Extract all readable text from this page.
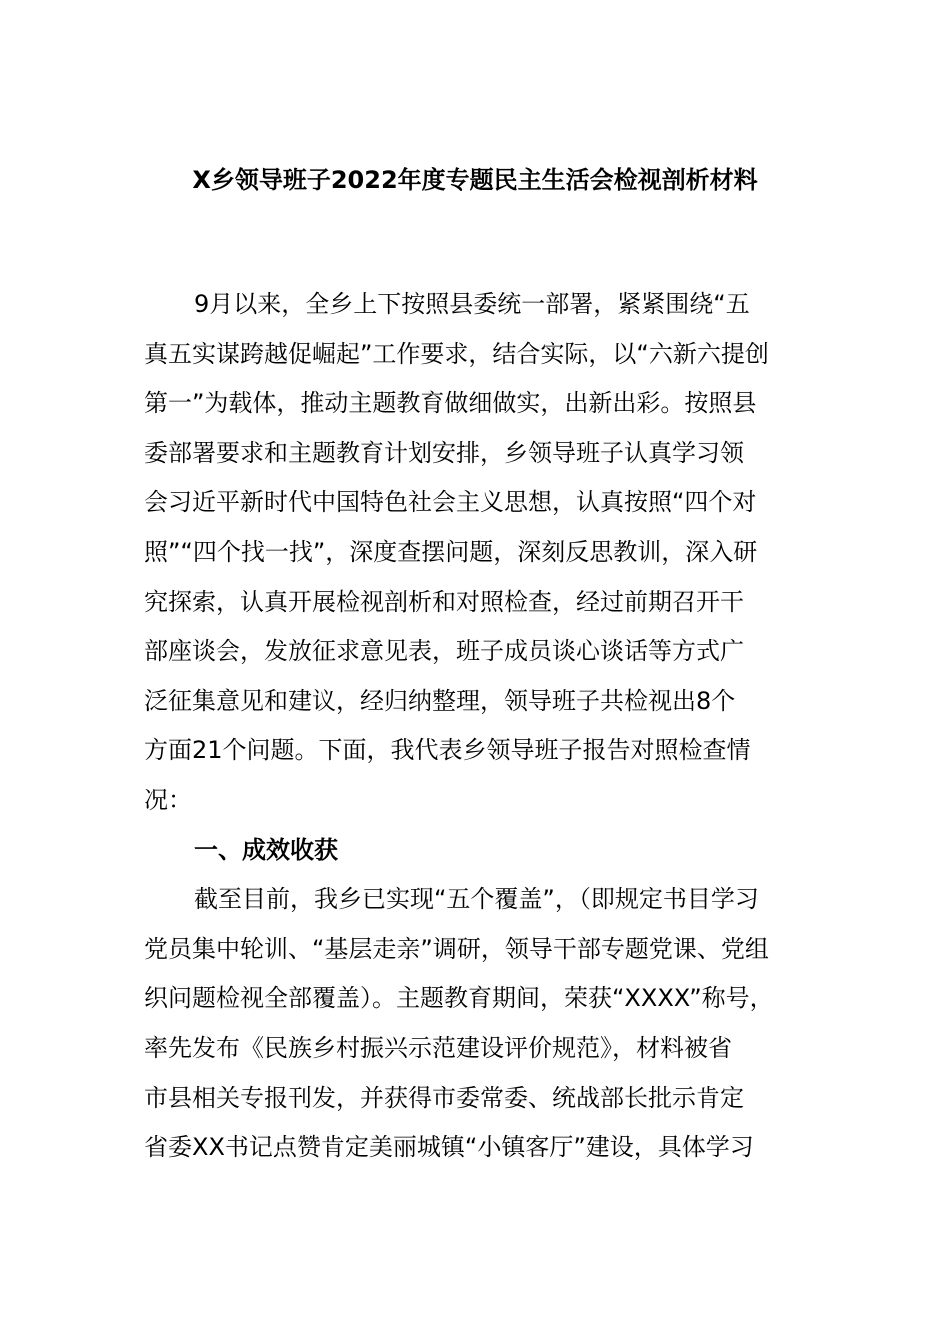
X乡领导班子2022年度专题民主生活会检视剖析材料

9月以来，全乡上下按照县委统一部署，紧紧围绕“五

真五实谋跨越促崛起”工作要求，结合实际，以“六新六提创

第一”为载体，推动主题教育做细做实，出新出彩。按照县

委部署要求和主题教育计划安排，乡领导班子认真学习领

会习近平新时代中国特色社会主义思想，认真按照“四个对

照”“四个找一找”，深度查摆问题，深刻反思教训，深入研

究探索，认真开展检视剖析和对照检查，经过前期召开干

部座谈会，发放征求意见表，班子成员谈心谈话等方式广

泛征集意见和建议，经归纳整理，领导班子共检视出8个

方面21个问题。下面，我代表乡领导班子报告对照检查情

况：

一、成效收获

截至目前，我乡已实现“五个覆盖”，（即规定书目学习

党员集中轮训、“基层走亲”调研，领导干部专题党课、党组

织问题检视全部覆盖）。主题教育期间，荣获“XXXX”称号，

率先发布《民族乡村振兴示范建设评价规范》，材料被省

市县相关专报刊发，并获得市委常委、统战部长批示肯定

省委XX书记点赞肯定美丽城镇“小镇客厅”建设，具体学习
